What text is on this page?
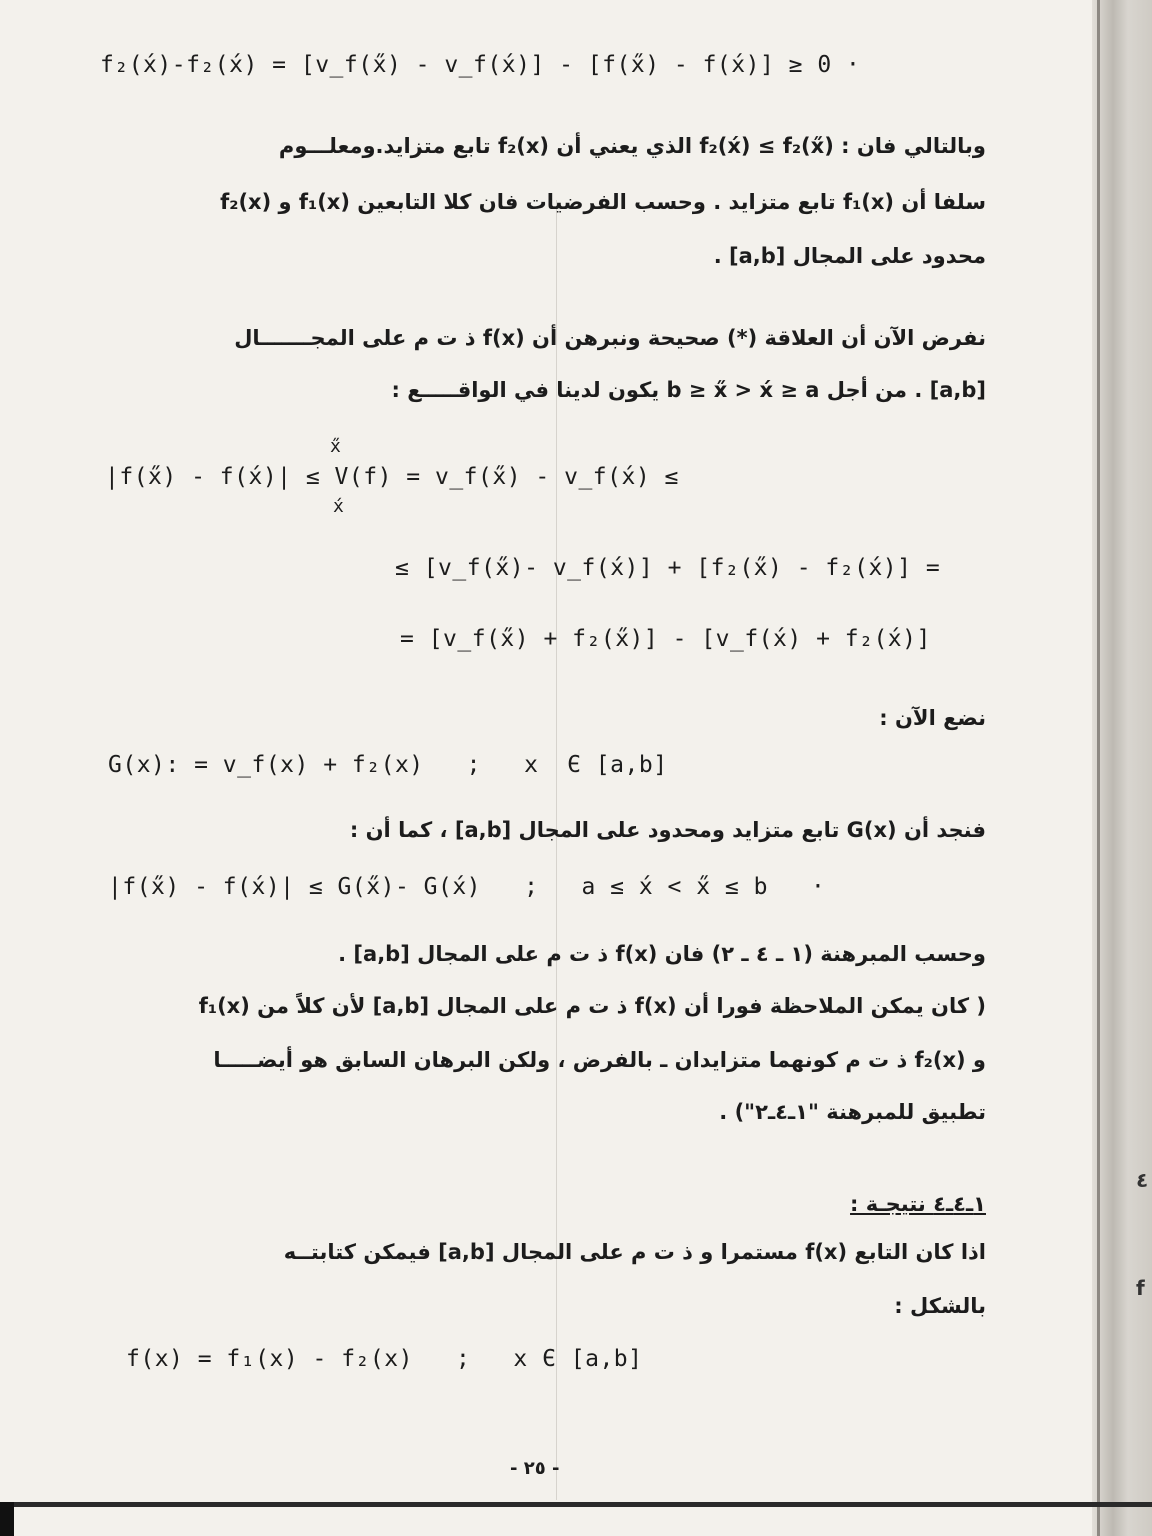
f₂(x́)-f₂(x́) = [v_f(x̋) - v_f(x́)] - [f(x̋) - f(x́)] ≥ 0 ·
وبالتالي فان : f₂(x́) ≤ f₂(x̋) الذي يعني أن f₂(x) تابع متزايد.ومعلـــوم
سلفا أن f₁(x) تابع متزايد . وحسب الفرضيات فان كلا التابعين f₁(x) و f₂(x)
محدود على المجال [a,b] .
نفرض الآن أن العلاقة (*) صحيحة ونبرهن أن f(x) ذ ت م على المجـــــــال
[a,b] . من أجل b ≥ x̋ > x́ ≥ a يكون لدينا في الواقـــــع :
x̋
|f(x̋) - f(x́)| ≤ V(f) = v_f(x̋) - v_f(x́) ≤
x́
≤ [v_f(x̋)- v_f(x́)] + [f₂(x̋) - f₂(x́)] =
= [v_f(x̋) + f₂(x̋)] - [v_f(x́) + f₂(x́)]
نضع الآن :
G(x): = v_f(x) + f₂(x)   ;   x  Є [a,b]
فنجد أن G(x) تابع متزايد ومحدود على المجال [a,b] ، كما أن :
|f(x̋) - f(x́)| ≤ G(x̋)- G(x́)   ;   a ≤ x́ < x̋ ≤ b   ·
وحسب المبرهنة (١ ـ ٤ ـ ٢) فان f(x) ذ ت م على المجال [a,b] .
( كان يمكن الملاحظة فورا أن f(x) ذ ت م على المجال [a,b] لأن كلاً من f₁(x)
و f₂(x) ذ ت م كونهما متزايدان ـ بالفرض ، ولكن البرهان السابق هو أيضـــــا
تطبيق للمبرهنة "١ـ٤ـ٢") .
١ـ٤ـ٤ نتيجـة :
اذا كان التابع f(x) مستمرا و ذ ت م على المجال [a,b] فيمكن كتابتــه
بالشكل :
f(x) = f₁(x) - f₂(x)   ;   x Є [a,b]
- ٢٥ -
٤
f
